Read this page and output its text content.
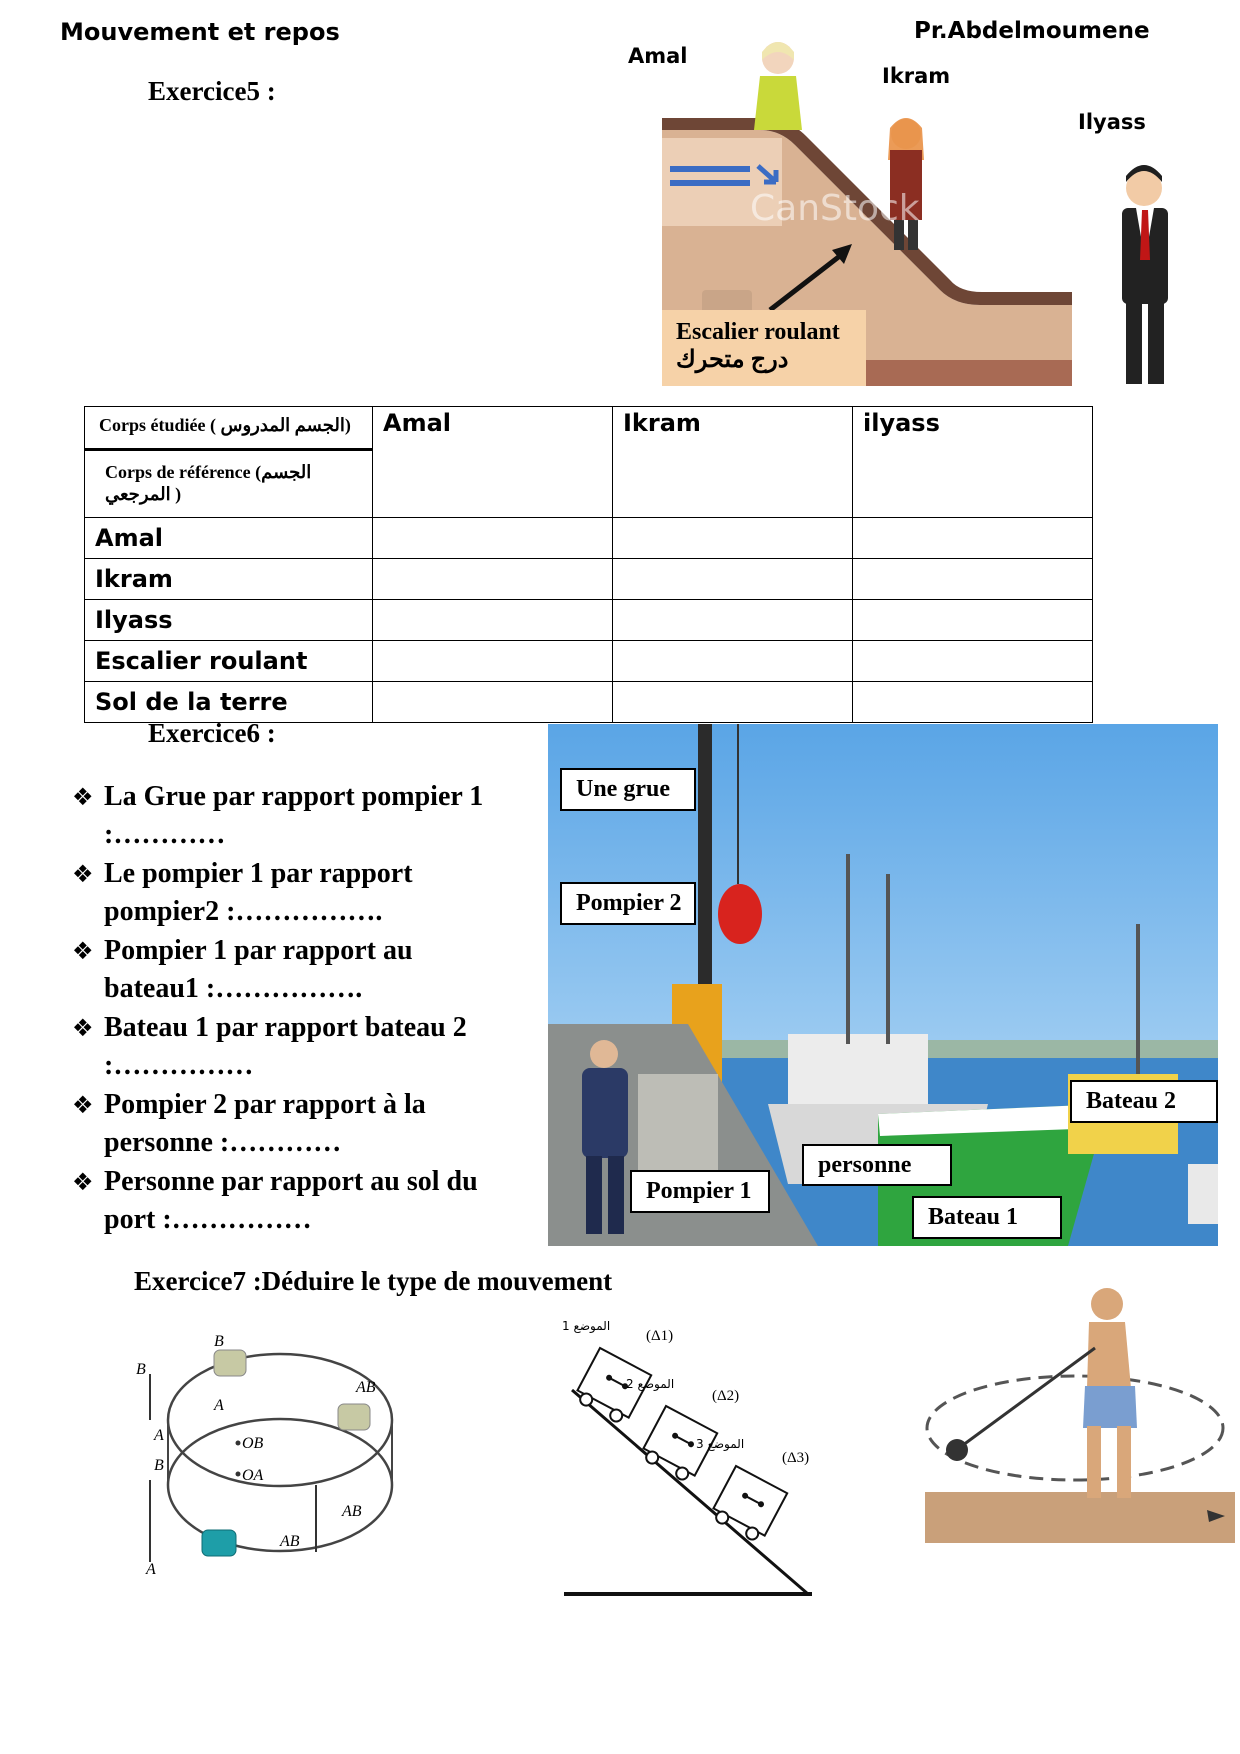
Mouvement et repos	Pr.Abdelmoumene
Exercice5 :
CanStock
Escalier roulant
درج متحرك
Amal
Ikram
Ilyass
Corps étudiée ( الجسم المدروس)
Corps de référence الجسم) المرجعي )	Amal	Ikram	ilyass
Amal			
Ikram			
Ilyass			
Escalier roulant			
Sol de la terre			
Exercice6 :
❖ La Grue par rapport pompier 1 :…………
❖ Le pompier 1 par rapport pompier2 :…………….
❖ Pompier 1 par rapport au bateau1 :…………….
❖ Bateau 1 par rapport bateau 2 :……………
❖ Pompier 2 par rapport à la personne :…………
❖ Personne par rapport au sol du port :……………
Une grue
Pompier 2
Bateau 2
personne
Pompier 1
Bateau 1
Exercice7 :Déduire le type de mouvement
B
B
A
AB
A	OB
B
OA
AB
AB
A
الموضع 1
الموضع 2
الموضع 3
(Δ1)
(Δ2)
(Δ3)
